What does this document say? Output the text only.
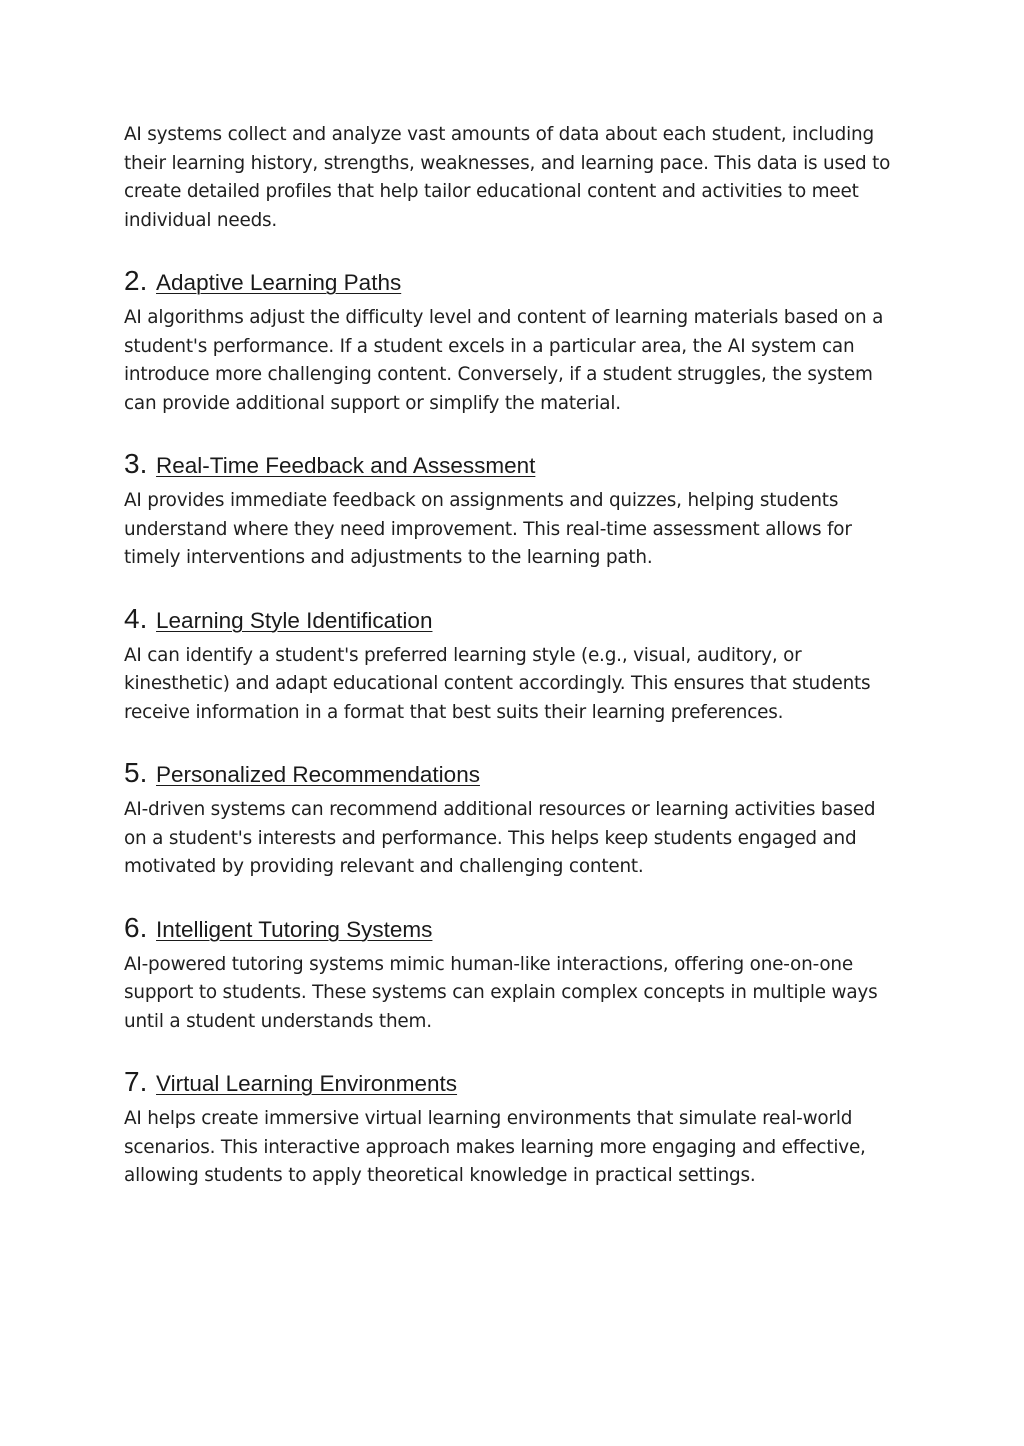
AI systems collect and analyze vast amounts of data about each student, including their learning history, strengths, weaknesses, and learning pace. This data is used to create detailed profiles that help tailor educational content and activities to meet individual needs.

2. Adaptive Learning Paths

AI algorithms adjust the difficulty level and content of learning materials based on a student's performance. If a student excels in a particular area, the AI system can introduce more challenging content. Conversely, if a student struggles, the system can provide additional support or simplify the material.

3. Real-Time Feedback and Assessment

AI provides immediate feedback on assignments and quizzes, helping students understand where they need improvement. This real-time assessment allows for timely interventions and adjustments to the learning path.

4. Learning Style Identification

AI can identify a student's preferred learning style (e.g., visual, auditory, or kinesthetic) and adapt educational content accordingly. This ensures that students receive information in a format that best suits their learning preferences.

5. Personalized Recommendations

AI-driven systems can recommend additional resources or learning activities based on a student's interests and performance. This helps keep students engaged and motivated by providing relevant and challenging content.

6. Intelligent Tutoring Systems

AI-powered tutoring systems mimic human-like interactions, offering one-on-one support to students. These systems can explain complex concepts in multiple ways until a student understands them.

7. Virtual Learning Environments

AI helps create immersive virtual learning environments that simulate real-world scenarios. This interactive approach makes learning more engaging and effective, allowing students to apply theoretical knowledge in practical settings.
